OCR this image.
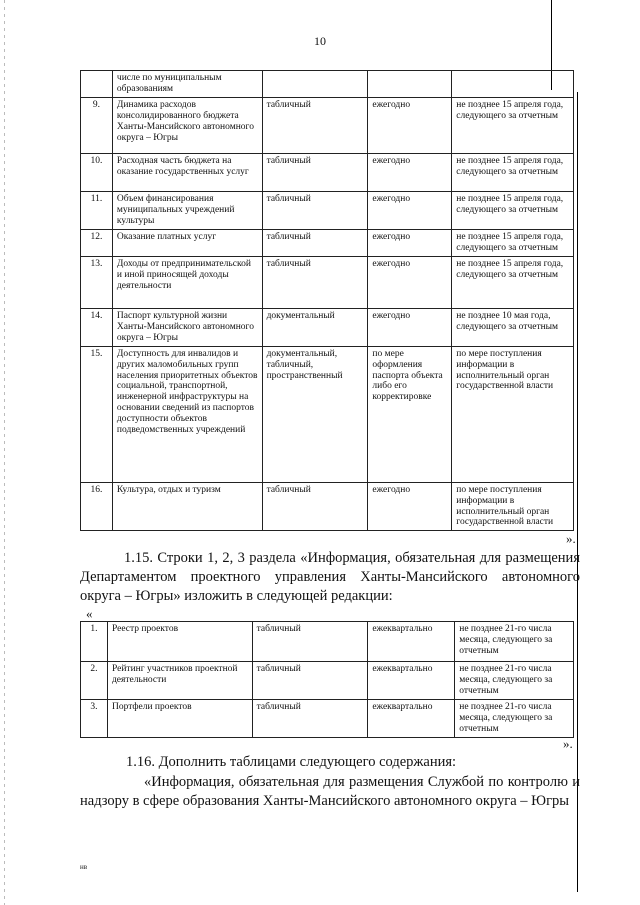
10
	числе по муниципальным образованиям			
9.	Динамика расходов консолидированного бюджета Ханты-Мансийского автономного округа – Югры	табличный	ежегодно	не позднее 15 апреля года, следующего за отчетным
10.	Расходная часть бюджета на оказание государственных услуг	табличный	ежегодно	не позднее 15 апреля года, следующего за отчетным
11.	Объем финансирования муниципальных учреждений культуры	табличный	ежегодно	не позднее 15 апреля года, следующего за отчетным
12.	Оказание платных услуг	табличный	ежегодно	не позднее 15 апреля года, следующего за отчетным
13.	Доходы от предпринимательской и иной приносящей доходы деятельности	табличный	ежегодно	не позднее 15 апреля года, следующего за отчетным
14.	Паспорт культурной жизни Ханты-Мансийского автономного округа – Югры	документальный	ежегодно	не позднее 10 мая года, следующего за отчетным
15.	Доступность для инвалидов и других маломобильных групп населения приоритетных объектов социальной, транспортной, инженерной инфраструктуры на основании сведений из паспортов доступности объектов подведомственных учреждений	документальный, табличный, пространственный	по мере оформления паспорта объекта либо его корректировке	по мере поступления информации в исполнительный орган государственной власти
16.	Культура, отдых и туризм	табличный	ежегодно	по мере поступления информации в исполнительный орган государственной власти
».
1.15. Строки 1, 2, 3 раздела «Информация, обязательная для размещения Департаментом проектного управления Ханты-Мансийского автономного округа – Югры» изложить в следующей редакции:
«
1.	Реестр проектов	табличный	ежеквартально	не позднее 21-го числа месяца, следующего за отчетным
2.	Рейтинг участников проектной деятельности	табличный	ежеквартально	не позднее 21-го числа месяца, следующего за отчетным
3.	Портфели проектов	табличный	ежеквартально	не позднее 21-го числа месяца, следующего за отчетным
».
1.16. Дополнить таблицами следующего содержания:
«Информация, обязательная для размещения Службой по контролю и надзору в сфере образования Ханты-Мансийского автономного округа – Югры
нв
